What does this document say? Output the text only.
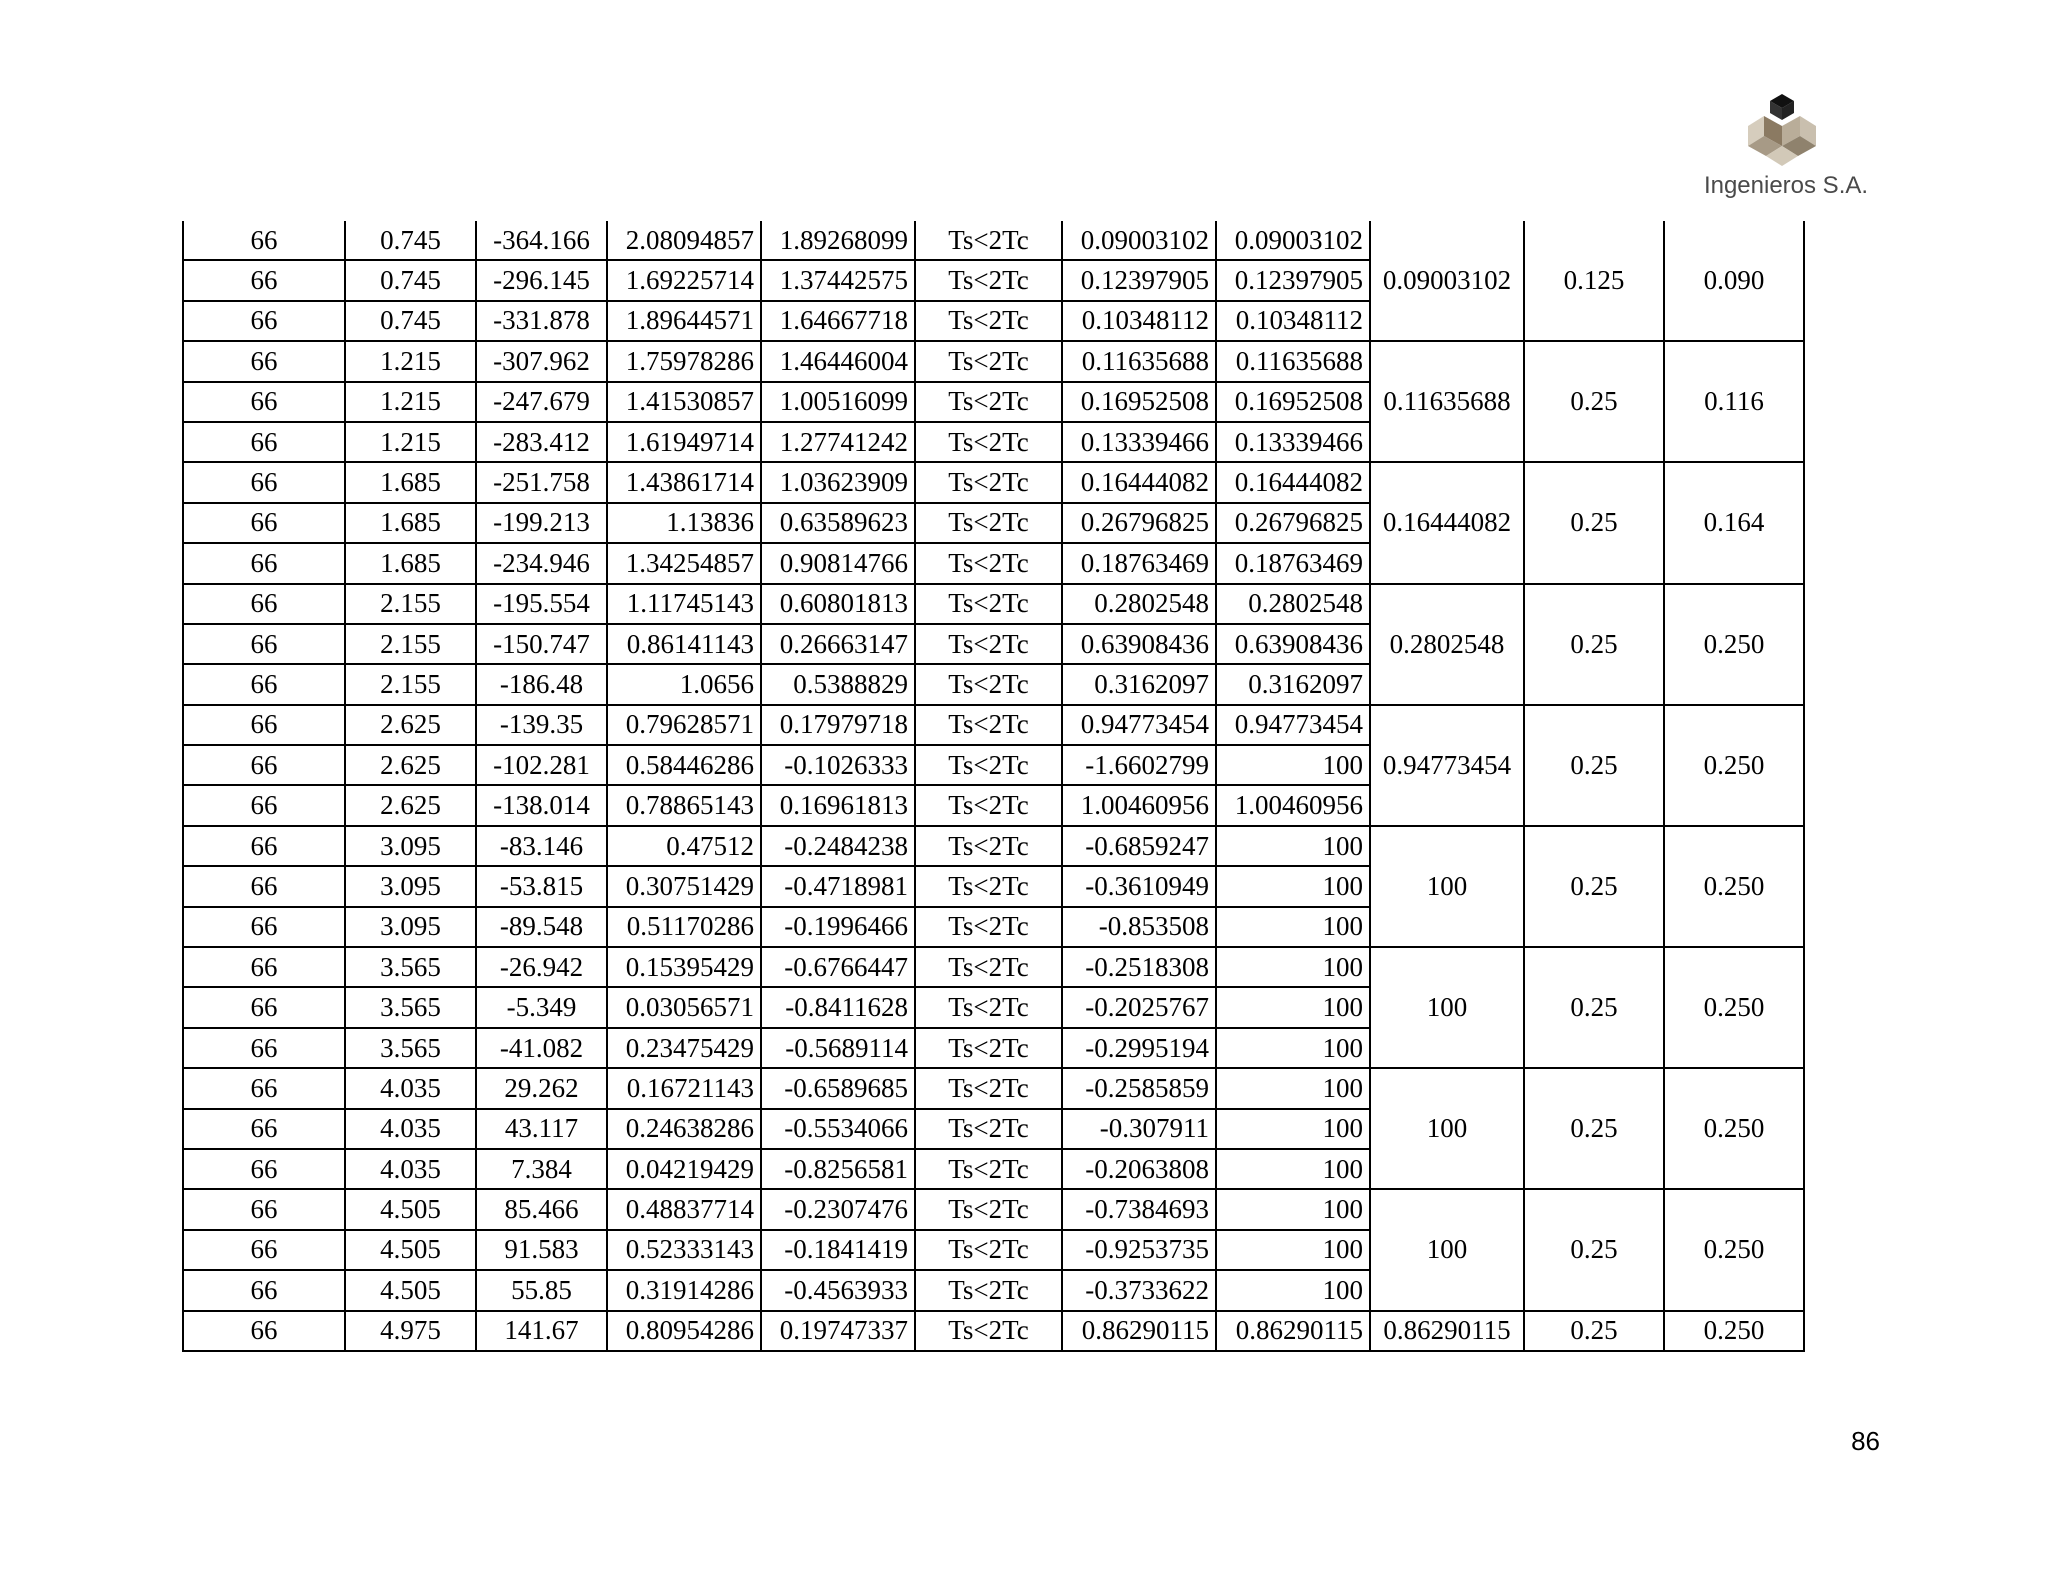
Ingenieros S.A.
66	0.745	-364.166	2.08094857	1.89268099	Ts<2Tc	0.09003102	0.09003102	0.09003102	0.125	0.090
66	0.745	-296.145	1.69225714	1.37442575	Ts<2Tc	0.12397905	0.12397905			
66	0.745	-331.878	1.89644571	1.64667718	Ts<2Tc	0.10348112	0.10348112			
66	1.215	-307.962	1.75978286	1.46446004	Ts<2Tc	0.11635688	0.11635688	0.11635688	0.25	0.116
66	1.215	-247.679	1.41530857	1.00516099	Ts<2Tc	0.16952508	0.16952508			
66	1.215	-283.412	1.61949714	1.27741242	Ts<2Tc	0.13339466	0.13339466			
66	1.685	-251.758	1.43861714	1.03623909	Ts<2Tc	0.16444082	0.16444082	0.16444082	0.25	0.164
66	1.685	-199.213	1.13836	0.63589623	Ts<2Tc	0.26796825	0.26796825			
66	1.685	-234.946	1.34254857	0.90814766	Ts<2Tc	0.18763469	0.18763469			
66	2.155	-195.554	1.11745143	0.60801813	Ts<2Tc	0.2802548	0.2802548	0.2802548	0.25	0.250
66	2.155	-150.747	0.86141143	0.26663147	Ts<2Tc	0.63908436	0.63908436			
66	2.155	-186.48	1.0656	0.5388829	Ts<2Tc	0.3162097	0.3162097			
66	2.625	-139.35	0.79628571	0.17979718	Ts<2Tc	0.94773454	0.94773454	0.94773454	0.25	0.250
66	2.625	-102.281	0.58446286	-0.1026333	Ts<2Tc	-1.6602799	100			
66	2.625	-138.014	0.78865143	0.16961813	Ts<2Tc	1.00460956	1.00460956			
66	3.095	-83.146	0.47512	-0.2484238	Ts<2Tc	-0.6859247	100	100	0.25	0.250
66	3.095	-53.815	0.30751429	-0.4718981	Ts<2Tc	-0.3610949	100			
66	3.095	-89.548	0.51170286	-0.1996466	Ts<2Tc	-0.853508	100			
66	3.565	-26.942	0.15395429	-0.6766447	Ts<2Tc	-0.2518308	100	100	0.25	0.250
66	3.565	-5.349	0.03056571	-0.8411628	Ts<2Tc	-0.2025767	100			
66	3.565	-41.082	0.23475429	-0.5689114	Ts<2Tc	-0.2995194	100			
66	4.035	29.262	0.16721143	-0.6589685	Ts<2Tc	-0.2585859	100	100	0.25	0.250
66	4.035	43.117	0.24638286	-0.5534066	Ts<2Tc	-0.307911	100			
66	4.035	7.384	0.04219429	-0.8256581	Ts<2Tc	-0.2063808	100			
66	4.505	85.466	0.48837714	-0.2307476	Ts<2Tc	-0.7384693	100	100	0.25	0.250
66	4.505	91.583	0.52333143	-0.1841419	Ts<2Tc	-0.9253735	100			
66	4.505	55.85	0.31914286	-0.4563933	Ts<2Tc	-0.3733622	100			
66	4.975	141.67	0.80954286	0.19747337	Ts<2Tc	0.86290115	0.86290115	0.86290115	0.25	0.250
86
